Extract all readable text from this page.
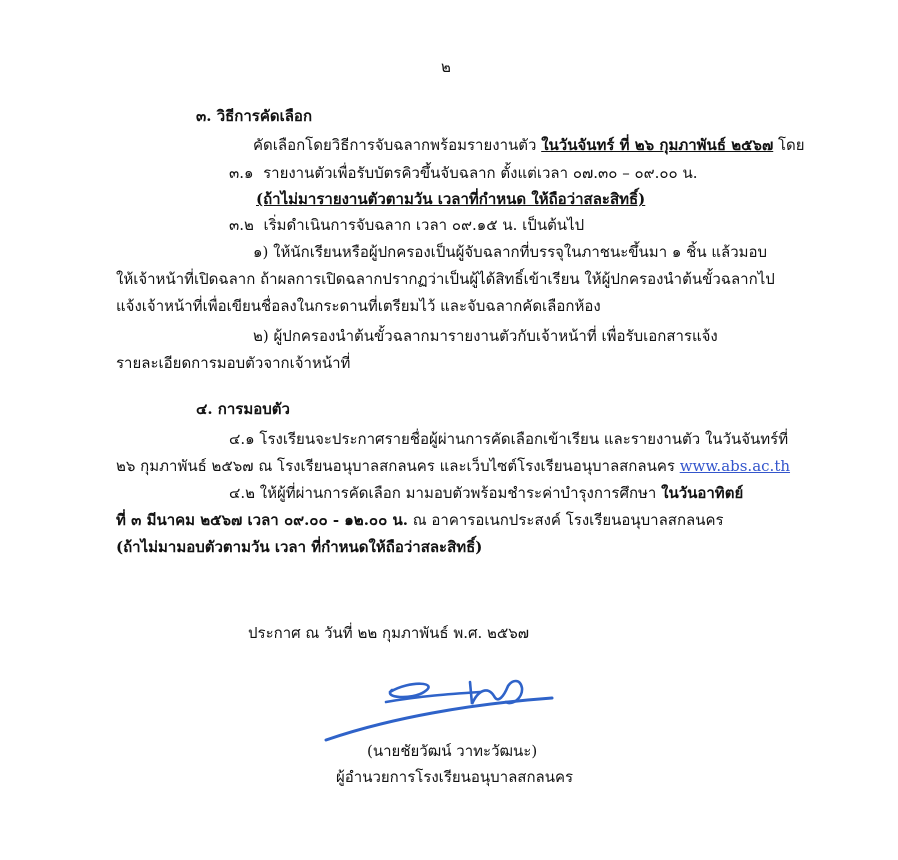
๒
๓. วิธีการคัดเลือก
คัดเลือกโดยวิธีการจับฉลากพร้อมรายงานตัว ในวันจันทร์ ที่ ๒๖ กุมภาพันธ์ ๒๕๖๗ โดย
๓.๑ รายงานตัวเพื่อรับบัตรคิวขึ้นจับฉลาก ตั้งแต่เวลา ๐๗.๓๐ – ๐๙.๐๐ น.
(ถ้าไม่มารายงานตัวตามวัน เวลาที่กำหนด ให้ถือว่าสละสิทธิ์)
๓.๒ เริ่มดำเนินการจับฉลาก เวลา ๐๙.๑๕ น. เป็นต้นไป
๑) ให้นักเรียนหรือผู้ปกครองเป็นผู้จับฉลากที่บรรจุในภาชนะขึ้นมา ๑ ชิ้น แล้วมอบ
ให้เจ้าหน้าที่เปิดฉลาก ถ้าผลการเปิดฉลากปรากฏว่าเป็นผู้ได้สิทธิ์เข้าเรียน ให้ผู้ปกครองนำต้นขั้วฉลากไป
แจ้งเจ้าหน้าที่เพื่อเขียนชื่อลงในกระดานที่เตรียมไว้ และจับฉลากคัดเลือกห้อง
๒) ผู้ปกครองนำต้นขั้วฉลากมารายงานตัวกับเจ้าหน้าที่ เพื่อรับเอกสารแจ้ง
รายละเอียดการมอบตัวจากเจ้าหน้าที่
๔. การมอบตัว
๔.๑ โรงเรียนจะประกาศรายชื่อผู้ผ่านการคัดเลือกเข้าเรียน และรายงานตัว ในวันจันทร์ที่
๒๖ กุมภาพันธ์ ๒๕๖๗ ณ โรงเรียนอนุบาลสกลนคร และเว็บไซต์โรงเรียนอนุบาลสกลนคร www.abs.ac.th
๔.๒ ให้ผู้ที่ผ่านการคัดเลือก มามอบตัวพร้อมชำระค่าบำรุงการศึกษา ในวันอาทิตย์
ที่ ๓ มีนาคม ๒๕๖๗ เวลา ๐๙.๐๐ - ๑๒.๐๐ น. ณ อาคารอเนกประสงค์ โรงเรียนอนุบาลสกลนคร
(ถ้าไม่มามอบตัวตามวัน เวลา ที่กำหนดให้ถือว่าสละสิทธิ์)
ประกาศ ณ วันที่ ๒๒ กุมภาพันธ์ พ.ศ. ๒๕๖๗
(นายชัยวัฒน์ วาทะวัฒนะ)
ผู้อำนวยการโรงเรียนอนุบาลสกลนคร
